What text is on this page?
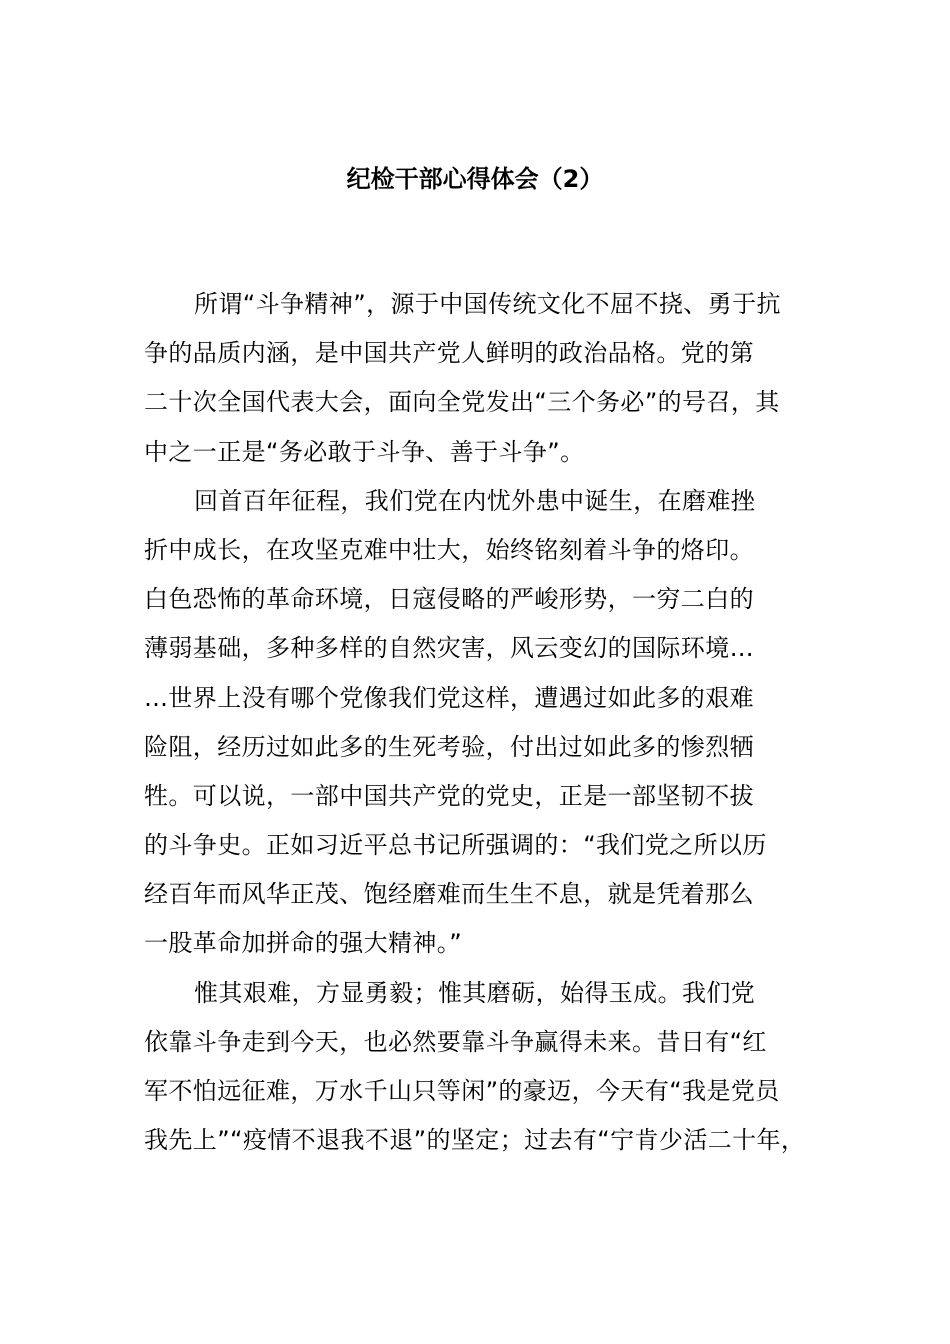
纪检干部心得体会（2）
所谓“斗争精神”，源于中国传统文化不屈不挠、勇于抗
争的品质内涵，是中国共产党人鲜明的政治品格。党的第
二十次全国代表大会，面向全党发出“三个务必”的号召，其
中之一正是“务必敢于斗争、善于斗争”。
回首百年征程，我们党在内忧外患中诞生，在磨难挫
折中成长，在攻坚克难中壮大，始终铭刻着斗争的烙印。
白色恐怖的革命环境，日寇侵略的严峻形势，一穷二白的
薄弱基础，多种多样的自然灾害，风云变幻的国际环境…
…世界上没有哪个党像我们党这样，遭遇过如此多的艰难
险阻，经历过如此多的生死考验，付出过如此多的惨烈牺
牲。可以说，一部中国共产党的党史，正是一部坚韧不拔
的斗争史。正如习近平总书记所强调的：“我们党之所以历
经百年而风华正茂、饱经磨难而生生不息，就是凭着那么
一股革命加拼命的强大精神。”
惟其艰难，方显勇毅；惟其磨砺，始得玉成。我们党
依靠斗争走到今天，也必然要靠斗争赢得未来。昔日有“红
军不怕远征难，万水千山只等闲”的豪迈，今天有“我是党员
我先上”“疫情不退我不退”的坚定；过去有“宁肯少活二十年，
